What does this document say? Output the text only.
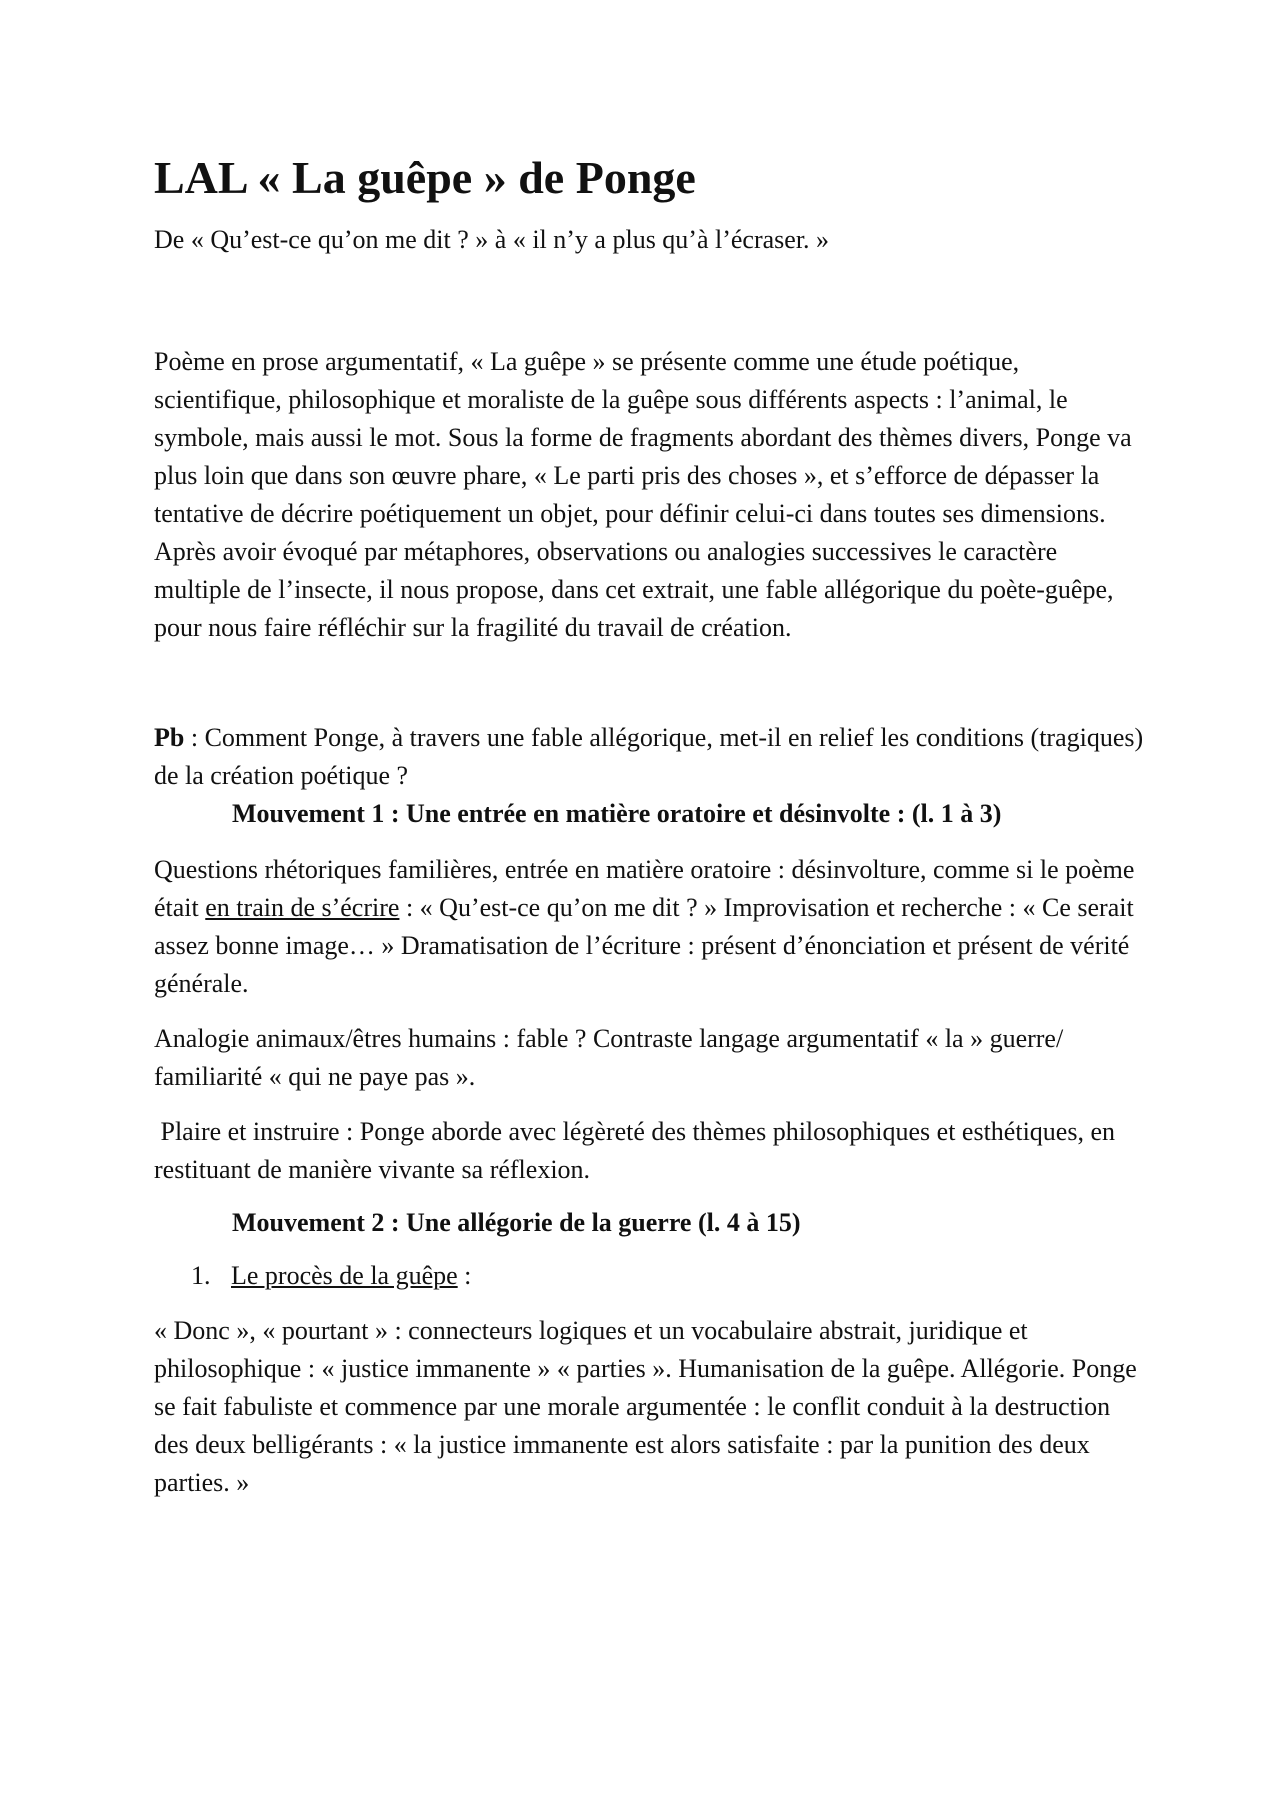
LAL « La guêpe » de Ponge

De « Qu’est-ce qu’on me dit ? » à « il n’y a plus qu’à l’écraser. »

Poème en prose argumentatif, « La guêpe » se présente comme une étude poétique, scientifique, philosophique et moraliste de la guêpe sous différents aspects : l’animal, le symbole, mais aussi le mot. Sous la forme de fragments abordant des thèmes divers, Ponge va plus loin que dans son œuvre phare, « Le parti pris des choses », et s’efforce de dépasser la tentative de décrire poétiquement un objet, pour définir celui-ci dans toutes ses dimensions. Après avoir évoqué par métaphores, observations ou analogies successives le caractère multiple de l’insecte, il nous propose, dans cet extrait, une fable allégorique du poète-guêpe, pour nous faire réfléchir sur la fragilité du travail de création.

Pb : Comment Ponge, à travers une fable allégorique, met-il en relief les conditions (tragiques) de la création poétique ?

Mouvement 1 : Une entrée en matière oratoire et désinvolte : (l. 1 à 3)

Questions rhétoriques familières, entrée en matière oratoire : désinvolture, comme si le poème était en train de s’écrire : « Qu’est-ce qu’on me dit ? » Improvisation et recherche : « Ce serait assez bonne image… » Dramatisation de l’écriture : présent d’énonciation et présent de vérité générale.

Analogie animaux/êtres humains : fable ? Contraste langage argumentatif « la » guerre/ familiarité « qui ne paye pas ».

Plaire et instruire : Ponge aborde avec légèreté des thèmes philosophiques et esthétiques, en restituant de manière vivante sa réflexion.

Mouvement 2 : Une allégorie de la guerre (l. 4 à 15)

1. Le procès de la guêpe :

« Donc », « pourtant » : connecteurs logiques et un vocabulaire abstrait, juridique et philosophique : « justice immanente » « parties ». Humanisation de la guêpe. Allégorie. Ponge se fait fabuliste et commence par une morale argumentée : le conflit conduit à la destruction des deux belligérants : « la justice immanente est alors satisfaite : par la punition des deux parties. »
